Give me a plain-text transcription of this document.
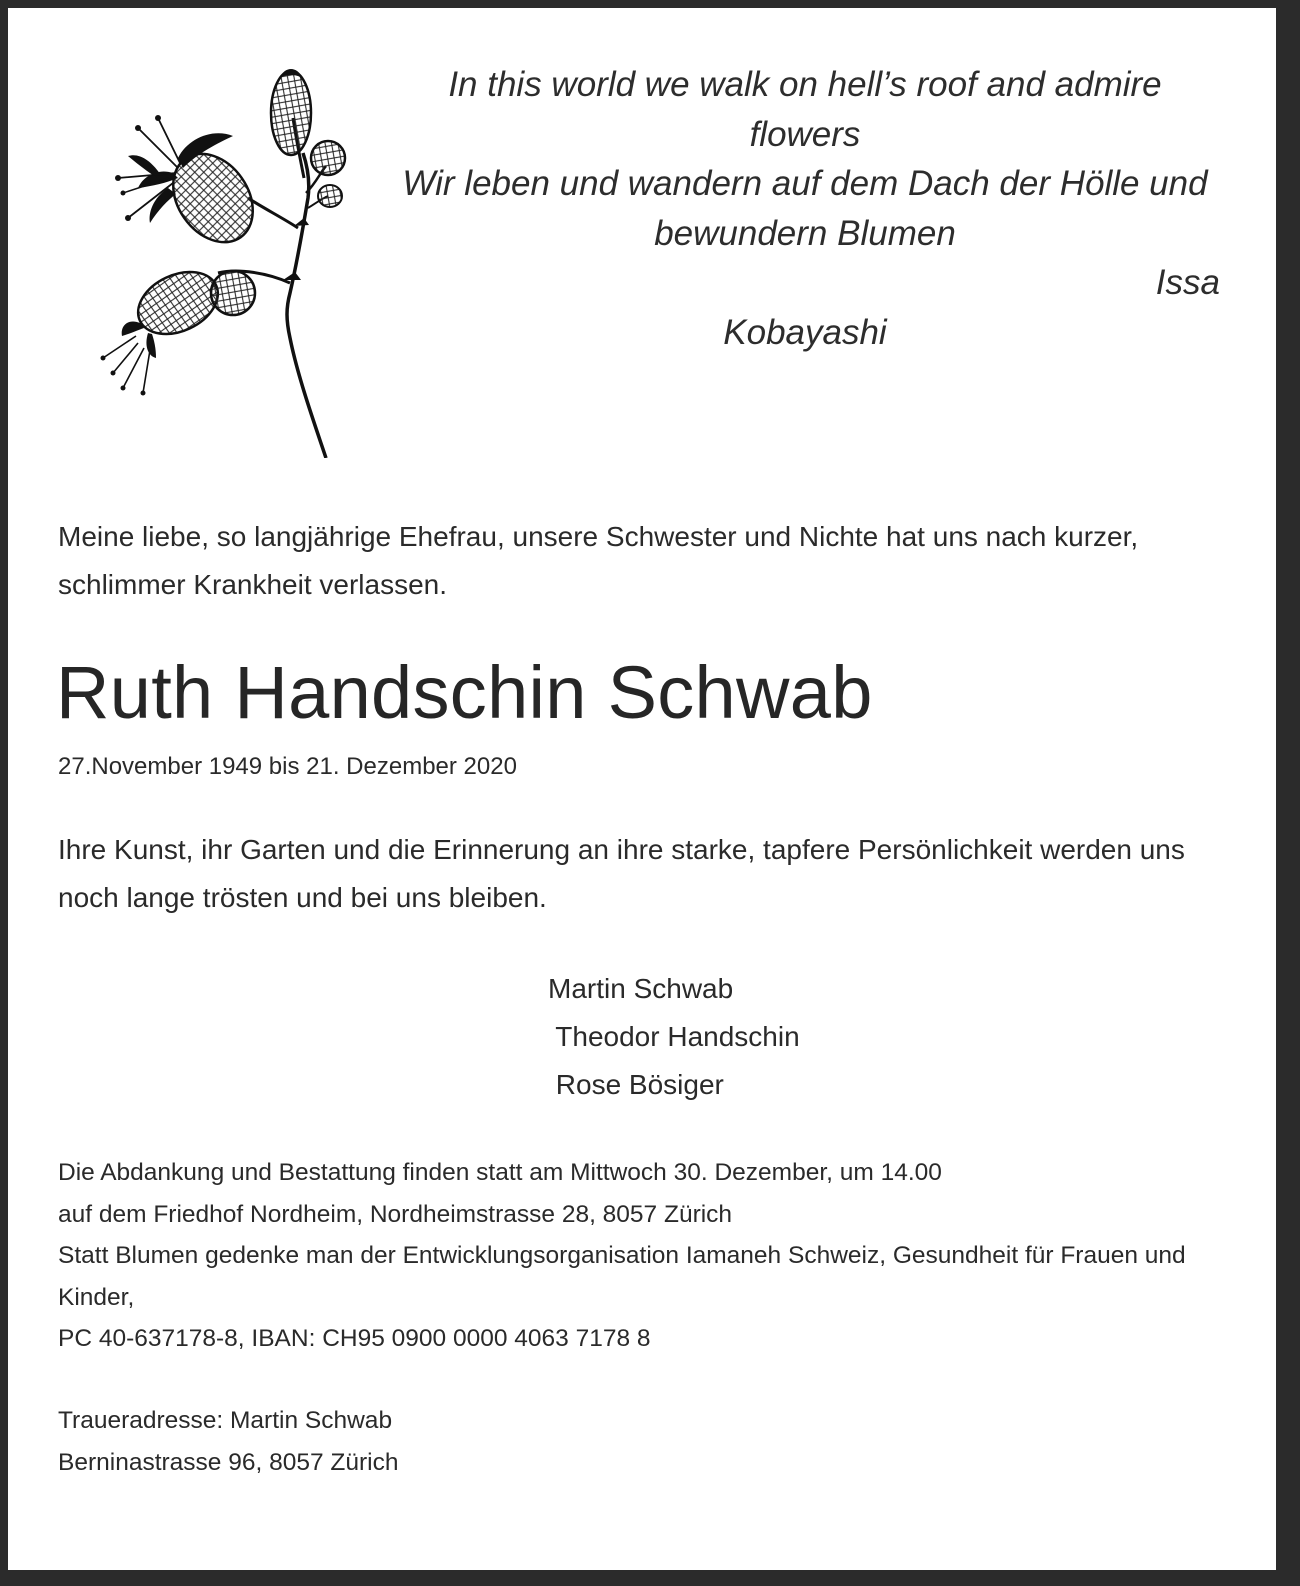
In this world we walk on hell’s roof and admire
flowers
Wir leben und wandern auf dem Dach der Hölle und
bewundern Blumen
Issa
Kobayashi
Meine liebe, so langjährige Ehefrau, unsere Schwester und Nichte hat uns nach kurzer, schlimmer Krankheit verlassen.
Ruth Handschin Schwab
27.November 1949 bis 21. Dezember 2020
Ihre Kunst, ihr Garten und die Erinnerung an ihre starke, tapfere Persönlichkeit werden uns noch lange trösten und bei uns bleiben.
Martin Schwab
Theodor Handschin
Rose Bösiger
Die Abdankung und Bestattung finden statt am Mittwoch 30. Dezember, um 14.00
auf dem Friedhof Nordheim, Nordheimstrasse 28, 8057 Zürich
Statt Blumen gedenke man der Entwicklungsorganisation Iamaneh Schweiz, Gesundheit für Frauen und Kinder,
PC 40-637178-8, IBAN: CH95 0900 0000 4063 7178 8
Traueradresse: Martin Schwab
Berninastrasse 96, 8057 Zürich
